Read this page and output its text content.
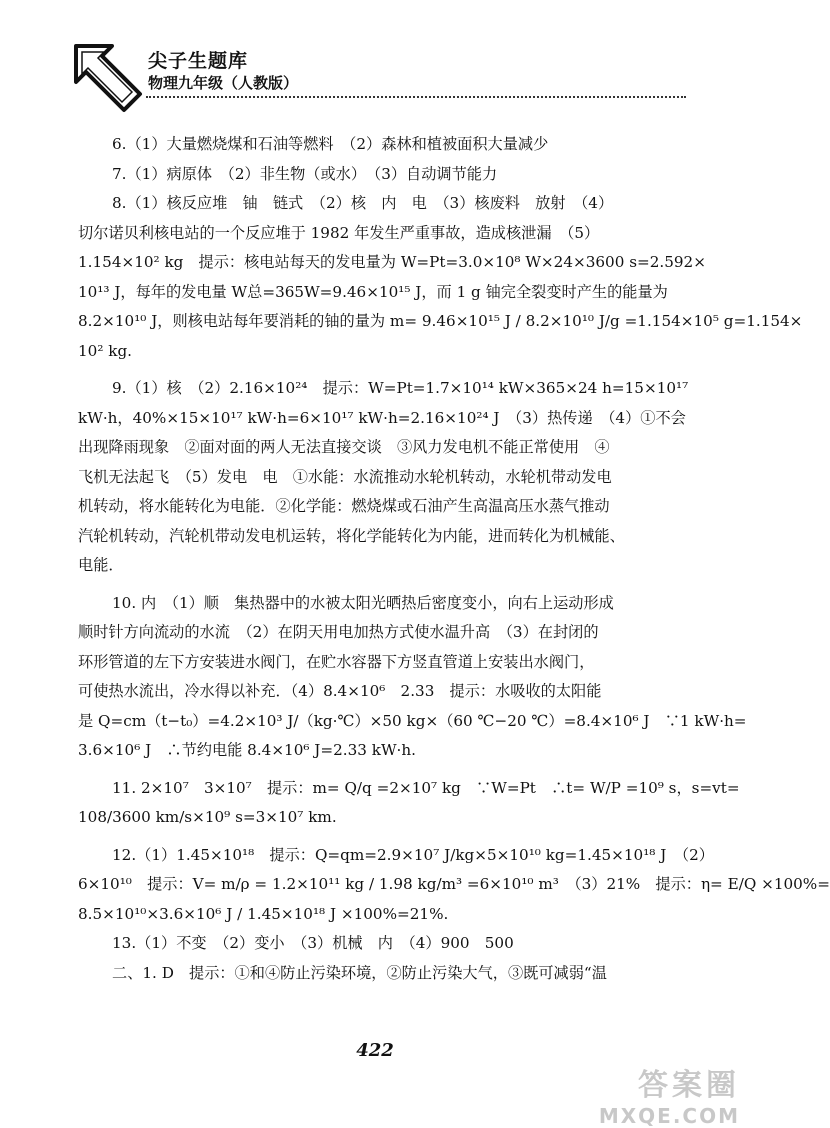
尖子生题库
物理九年级（人教版）
6.（1）大量燃烧煤和石油等燃料　（2）森林和植被面积大量减少
7.（1）病原体　（2）非生物（或水）　（3）自动调节能力
8.（1）核反应堆　铀　链式　（2）核　内　电　（3）核废料　放射　（4）
切尔诺贝利核电站的一个反应堆于 1982 年发生严重事故，造成核泄漏　（5）
1.154×10² kg　提示：核电站每天的发电量为 W=Pt=3.0×10⁸ W×24×3600 s=2.592×
10¹³ J，每年的发电量 W总=365W=9.46×10¹⁵ J，而 1 g 铀完全裂变时产生的能量为
8.2×10¹⁰ J，则核电站每年要消耗的铀的量为 m= 9.46×10¹⁵ J / 8.2×10¹⁰ J/g =1.154×10⁵ g=1.154×
10² kg.
9.（1）核　（2）2.16×10²⁴　提示：W=Pt=1.7×10¹⁴ kW×365×24 h=15×10¹⁷
kW·h，40%×15×10¹⁷ kW·h=6×10¹⁷ kW·h=2.16×10²⁴ J　（3）热传递　（4）①不会
出现降雨现象　②面对面的两人无法直接交谈　③风力发电机不能正常使用　④
飞机无法起飞　（5）发电　电　①水能：水流推动水轮机转动，水轮机带动发电
机转动，将水能转化为电能．②化学能：燃烧煤或石油产生高温高压水蒸气推动
汽轮机转动，汽轮机带动发电机运转，将化学能转化为内能，进而转化为机械能、
电能．
10. 内　（1）顺　集热器中的水被太阳光晒热后密度变小，向右上运动形成
顺时针方向流动的水流　（2）在阴天用电加热方式使水温升高　（3）在封闭的
环形管道的左下方安装进水阀门，在贮水容器下方竖直管道上安装出水阀门，
可使热水流出，冷水得以补充．（4）8.4×10⁶　2.33　提示：水吸收的太阳能
是 Q=cm（t−t₀）=4.2×10³ J/（kg·℃）×50 kg×（60 ℃−20 ℃）=8.4×10⁶ J　∵1 kW·h=
3.6×10⁶ J　∴节约电能 8.4×10⁶ J=2.33 kW·h.
11. 2×10⁷　3×10⁷　提示：m= Q/q =2×10⁷ kg　∵W=Pt　∴t= W/P =10⁹ s，s=vt=
108/3600 km/s×10⁹ s=3×10⁷ km.
12.（1）1.45×10¹⁸　提示：Q=qm=2.9×10⁷ J/kg×5×10¹⁰ kg=1.45×10¹⁸ J　（2）
6×10¹⁰　提示：V= m/ρ = 1.2×10¹¹ kg / 1.98 kg/m³ =6×10¹⁰ m³　（3）21%　提示：η= E/Q ×100%=
8.5×10¹⁰×3.6×10⁶ J / 1.45×10¹⁸ J ×100%=21%.
13.（1）不变　（2）变小　（3）机械　内　（4）900　500
二、1. D　提示：①和④防止污染环境，②防止污染大气，③既可减弱“温
422
答案圈
MXQE.COM
